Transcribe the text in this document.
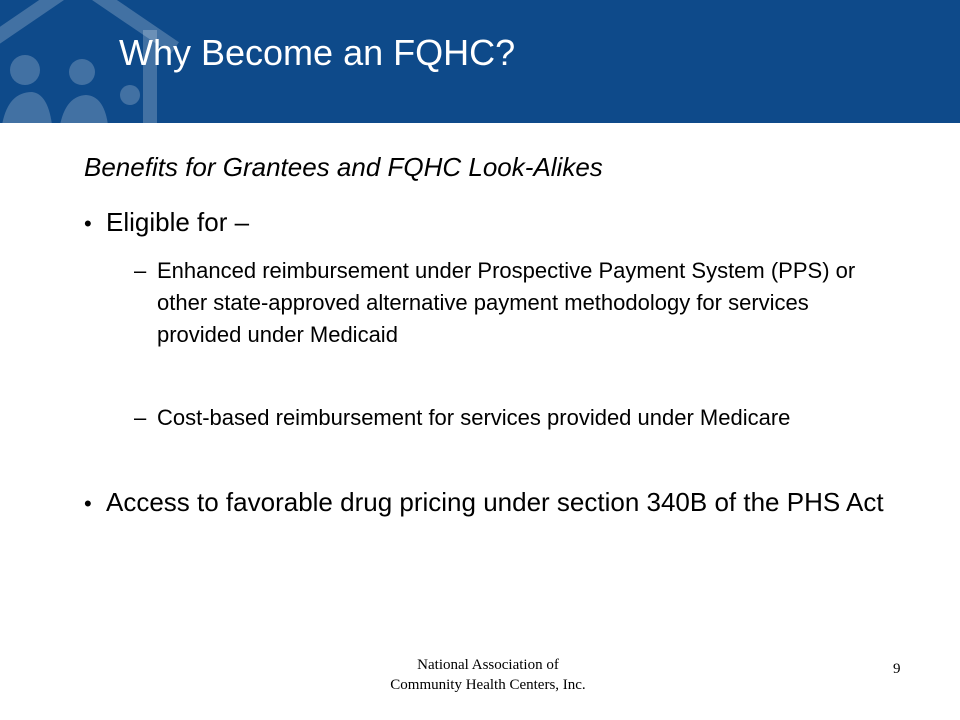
Why Become an FQHC?
Benefits for Grantees and FQHC Look-Alikes
• Eligible for –
– Enhanced reimbursement under Prospective Payment System (PPS) or other state-approved alternative payment methodology for services provided under Medicaid
– Cost-based reimbursement for services provided under Medicare
• Access to favorable drug pricing under section 340B of the PHS Act
National Association of Community Health Centers, Inc.
9
